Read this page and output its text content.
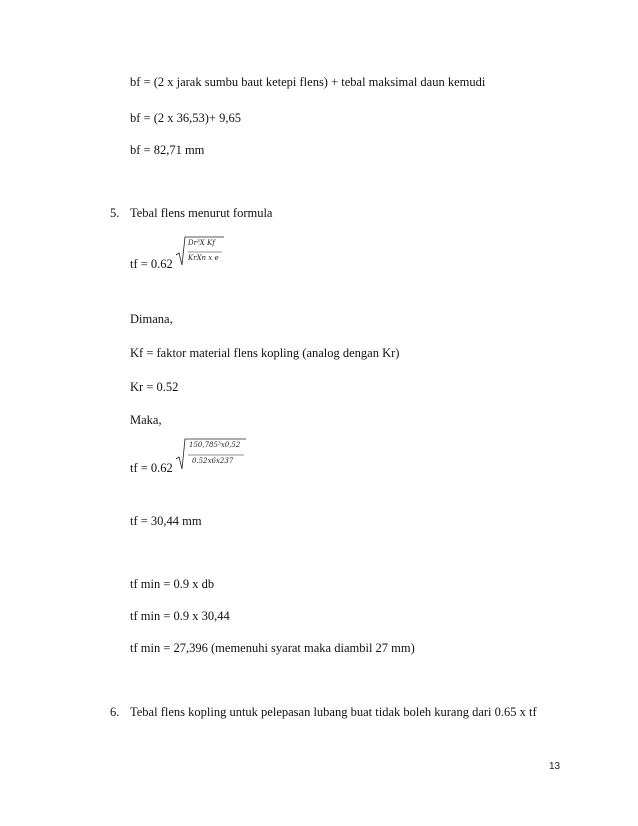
bf = (2 x jarak sumbu baut ketepi flens) + tebal maksimal daun kemudi
bf = (2 x 36,53)+ 9,65
bf = 82,71 mm
5. Tebal flens menurut formula
tf = 0.62
Dr³X Kf
KrXn x e
Dimana,
Kf = faktor material flens kopling (analog dengan Kr)
Kr = 0.52
Maka,
tf = 0.62
150,785³x0,52
0.52x6x237
tf = 30,44 mm
tf min = 0.9 x db
tf min = 0.9 x 30,44
tf min = 27,396 (memenuhi syarat maka diambil 27 mm)
6. Tebal flens kopling untuk pelepasan lubang buat tidak boleh kurang dari 0.65 x tf
13
